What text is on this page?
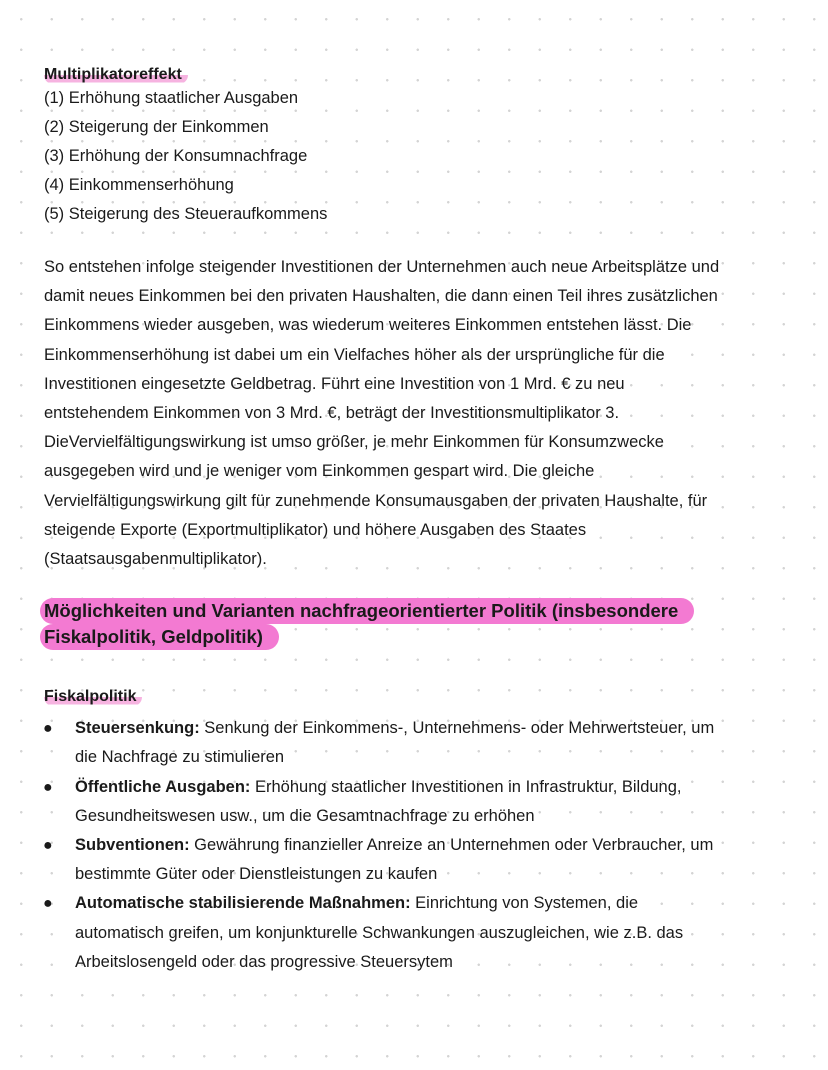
Multiplikatoreffekt
(1) Erhöhung staatlicher Ausgaben
(2) Steigerung der Einkommen
(3) Erhöhung der Konsumnachfrage
(4) Einkommenserhöhung
(5) Steigerung des Steueraufkommens
So entstehen infolge steigender Investitionen der Unternehmen auch neue Arbeitsplätze und
damit neues Einkommen bei den privaten Haushalten, die dann einen Teil ihres zusätzlichen
Einkommens wieder ausgeben, was wiederum weiteres Einkommen entstehen lässt. Die
Einkommenserhöhung ist dabei um ein Vielfaches höher als der ursprüngliche für die
Investitionen eingesetzte Geldbetrag. Führt eine Investition von 1 Mrd. € zu neu
entstehendem Einkommen von 3 Mrd. €, beträgt der Investitionsmultiplikator 3.
DieVervielfältigungswirkung ist umso größer, je mehr Einkommen für Konsumzwecke
ausgegeben wird und je weniger vom Einkommen gespart wird. Die gleiche
Vervielfältigungswirkung gilt für zunehmende Konsumausgaben der privaten Haushalte, für
steigende Exporte (Exportmultiplikator) und höhere Ausgaben des Staates
(Staatsausgabenmultiplikator).
Möglichkeiten und Varianten nachfrageorientierter Politik (insbesondere
Fiskalpolitik, Geldpolitik)
Fiskalpolitik
● Steuersenkung: Senkung der Einkommens-, Unternehmens- oder Mehrwertsteuer, um
die Nachfrage zu stimulieren
● Öffentliche Ausgaben: Erhöhung staatlicher Investitionen in Infrastruktur, Bildung,
Gesundheitswesen usw., um die Gesamtnachfrage zu erhöhen
● Subventionen: Gewährung finanzieller Anreize an Unternehmen oder Verbraucher, um
bestimmte Güter oder Dienstleistungen zu kaufen
● Automatische stabilisierende Maßnahmen: Einrichtung von Systemen, die
automatisch greifen, um konjunkturelle Schwankungen auszugleichen, wie z.B. das
Arbeitslosengeld oder das progressive Steuersytem
